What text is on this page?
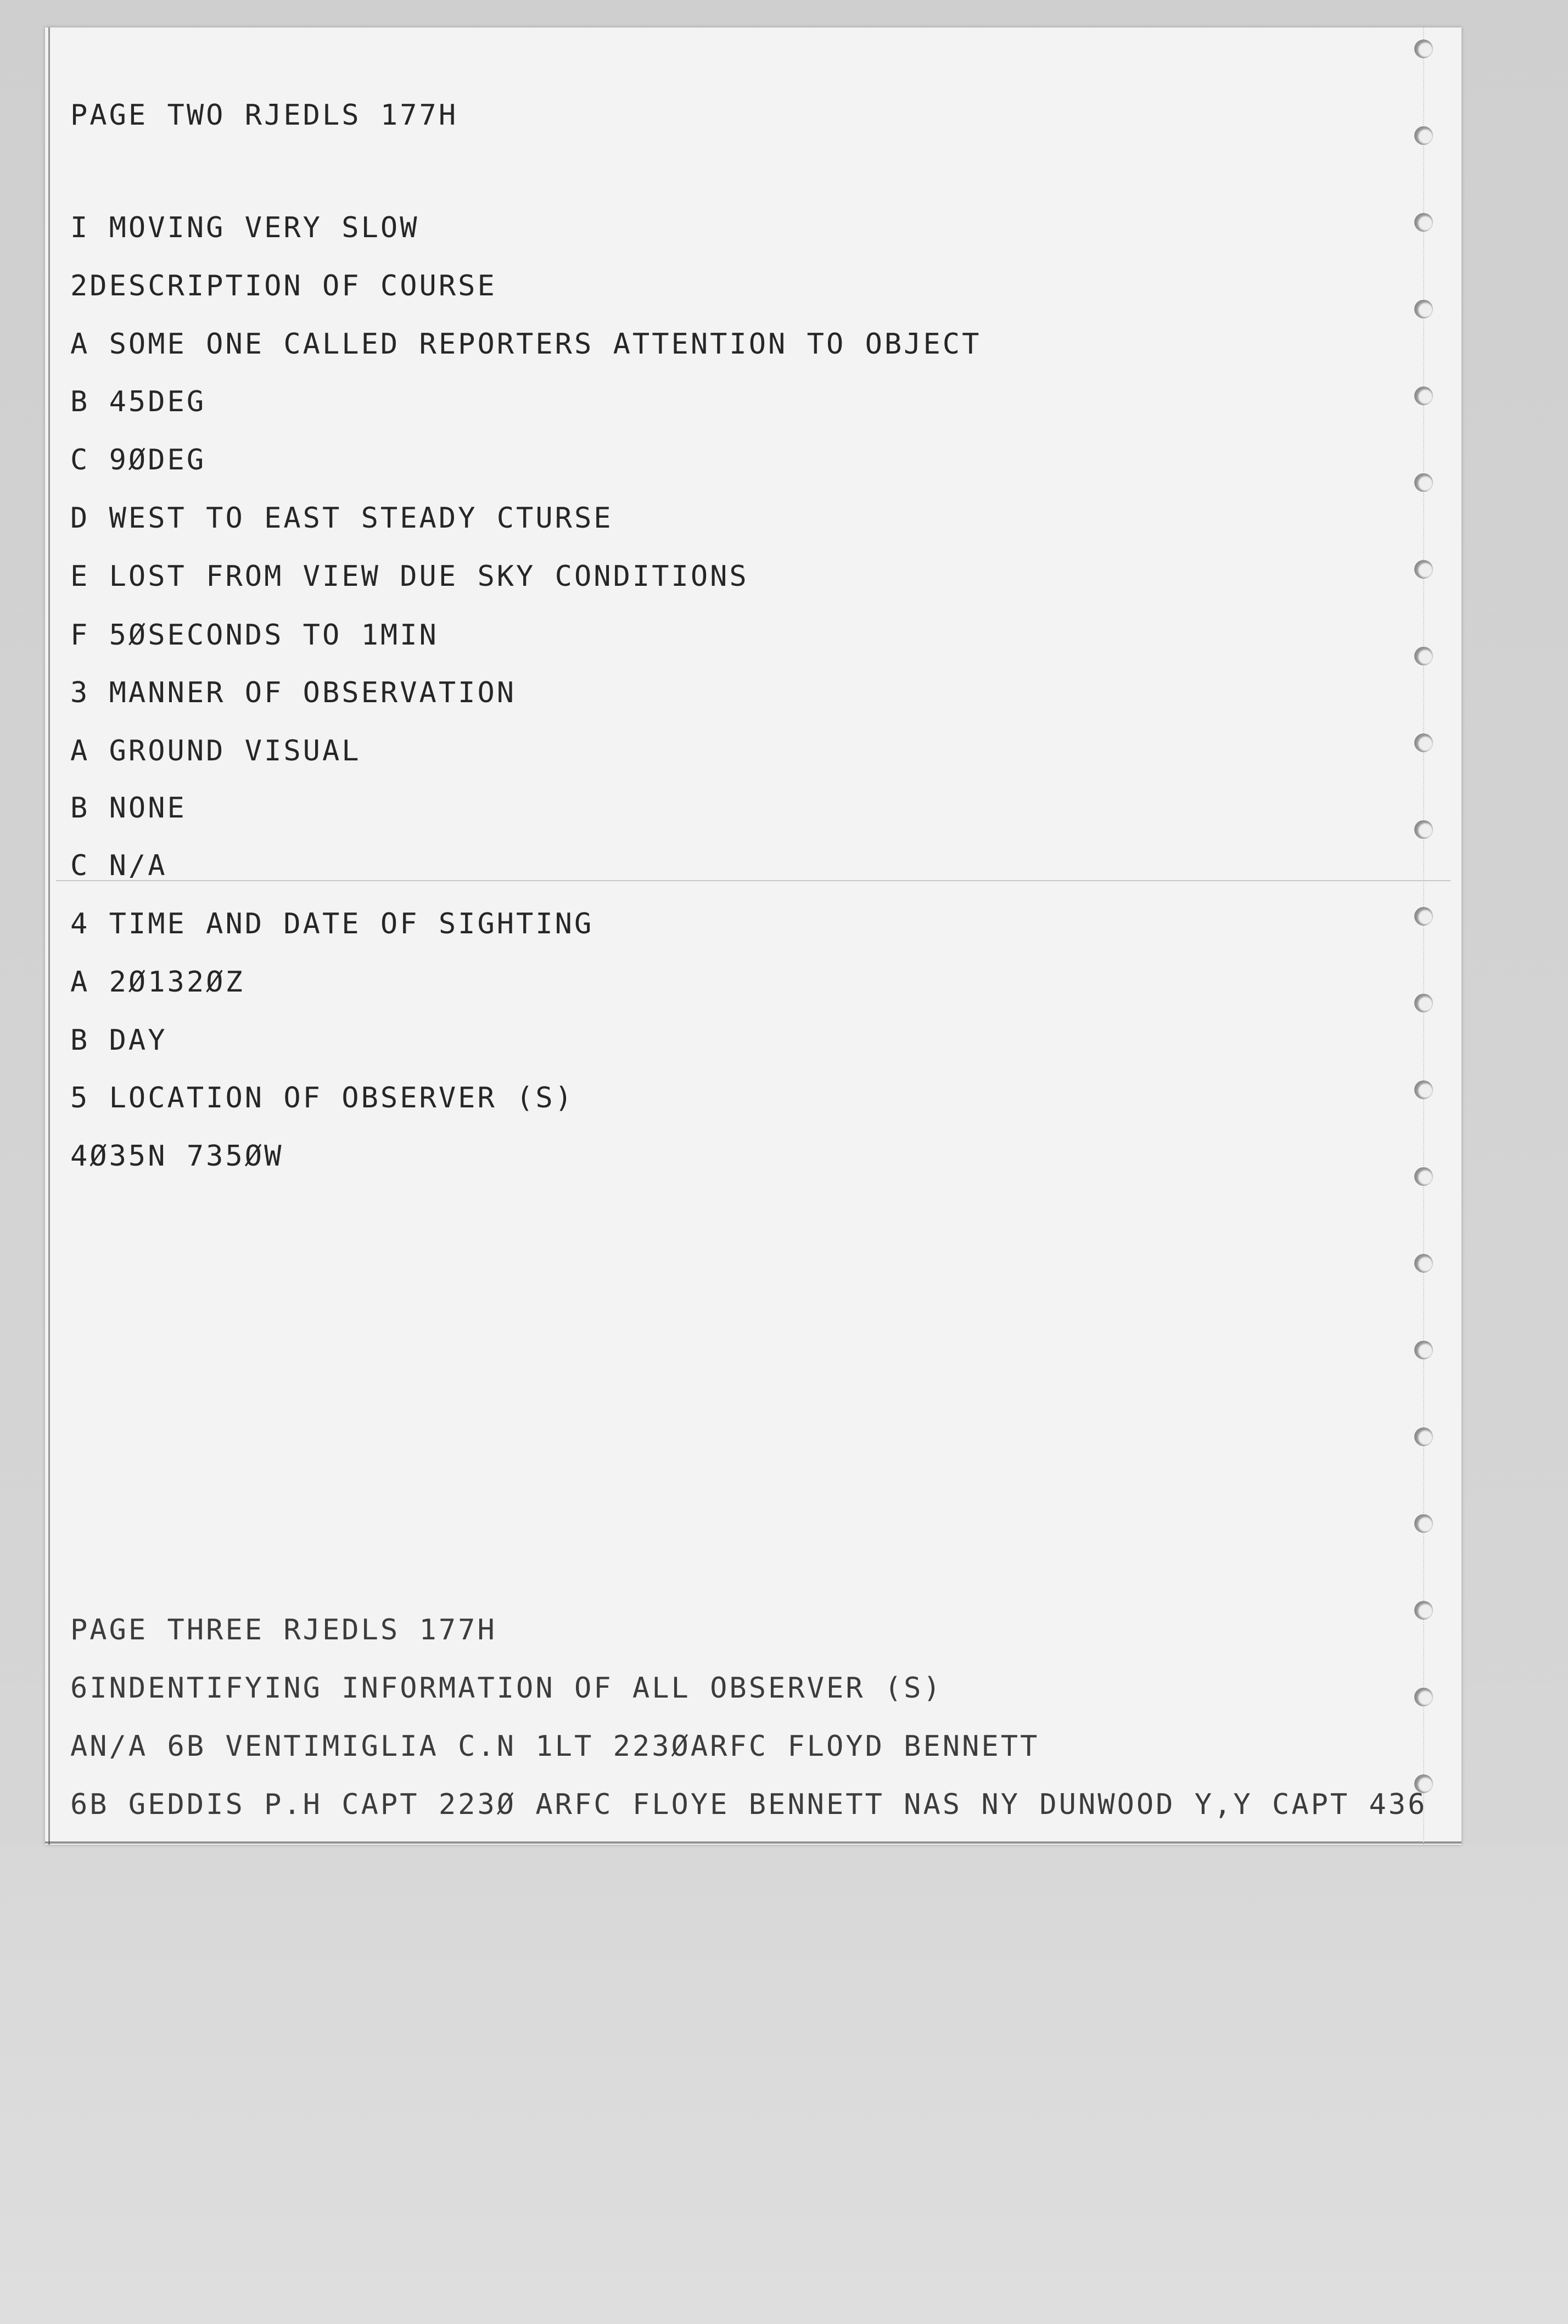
PAGE TWO RJEDLS 177H
I MOVING VERY SLOW
2DESCRIPTION OF COURSE
A SOME ONE CALLED REPORTERS ATTENTION TO OBJECT
B 45DEG
C 9ØDEG
D WEST TO EAST STEADY CTURSE
E LOST FROM VIEW DUE SKY CONDITIONS
F 5ØSECONDS TO 1MIN
3 MANNER OF OBSERVATION
A GROUND VISUAL
B NONE
C N/A
4 TIME AND DATE OF SIGHTING
A 2Ø132ØZ
B DAY
5 LOCATION OF OBSERVER (S)
4Ø35N 735ØW
PAGE THREE RJEDLS 177H
6INDENTIFYING INFORMATION OF ALL OBSERVER (S)
AN/A 6B VENTIMIGLIA C.N 1LT 223ØARFC FLOYD BENNETT
6B GEDDIS P.H CAPT 223Ø ARFC FLOYE BENNETT NAS NY DUNWOOD Y,Y CAPT 436
